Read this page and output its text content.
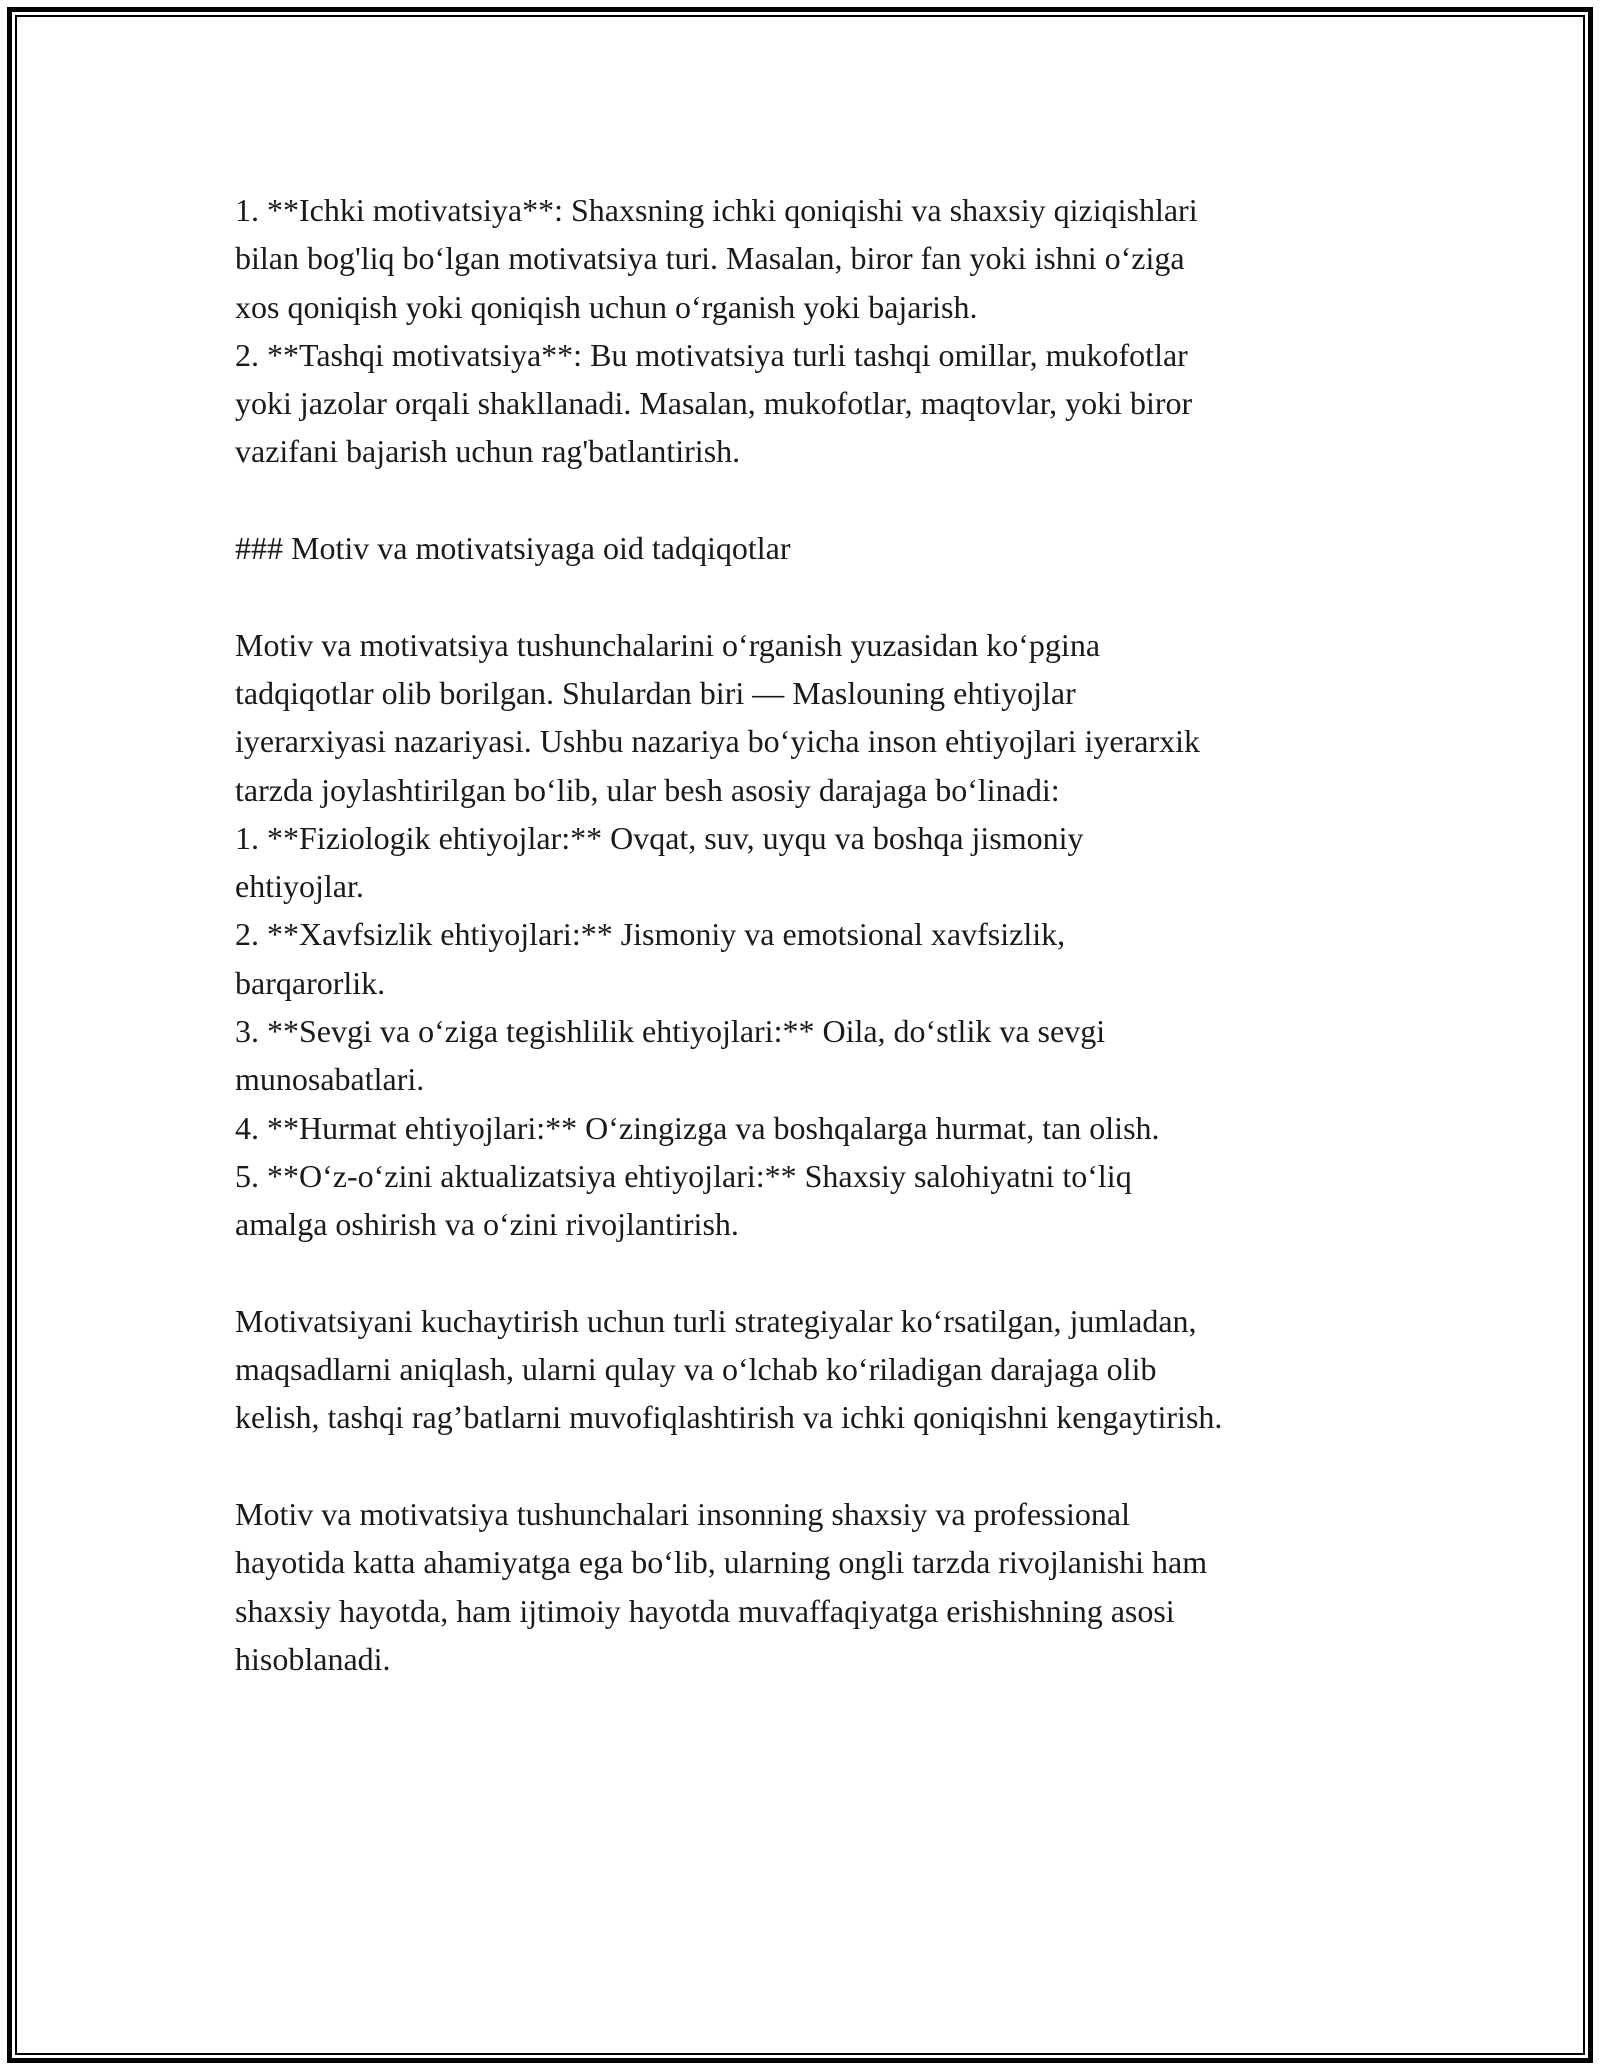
1. **Ichki motivatsiya**: Shaxsning ichki qoniqishi va shaxsiy qiziqishlari
bilan bog'liq bo‘lgan motivatsiya turi. Masalan, biror fan yoki ishni o‘ziga
xos qoniqish yoki qoniqish uchun o‘rganish yoki bajarish.
2. **Tashqi motivatsiya**: Bu motivatsiya turli tashqi omillar, mukofotlar
yoki jazolar orqali shakllanadi. Masalan, mukofotlar, maqtovlar, yoki biror
vazifani bajarish uchun rag'batlantirish.
### Motiv va motivatsiyaga oid tadqiqotlar
Motiv va motivatsiya tushunchalarini o‘rganish yuzasidan ko‘pgina
tadqiqotlar olib borilgan. Shulardan biri — Maslouning ehtiyojlar
iyerarxiyasi nazariyasi. Ushbu nazariya bo‘yicha inson ehtiyojlari iyerarxik
tarzda joylashtirilgan bo‘lib, ular besh asosiy darajaga bo‘linadi:
1. **Fiziologik ehtiyojlar:** Ovqat, suv, uyqu va boshqa jismoniy
ehtiyojlar.
2. **Xavfsizlik ehtiyojlari:** Jismoniy va emotsional xavfsizlik,
barqarorlik.
3. **Sevgi va o‘ziga tegishlilik ehtiyojlari:** Oila, do‘stlik va sevgi
munosabatlari.
4. **Hurmat ehtiyojlari:** O‘zingizga va boshqalarga hurmat, tan olish.
5. **O‘z-o‘zini aktualizatsiya ehtiyojlari:** Shaxsiy salohiyatni to‘liq
amalga oshirish va o‘zini rivojlantirish.
Motivatsiyani kuchaytirish uchun turli strategiyalar ko‘rsatilgan, jumladan,
maqsadlarni aniqlash, ularni qulay va o‘lchab ko‘riladigan darajaga olib
kelish, tashqi rag’batlarni muvofiqlashtirish va ichki qoniqishni kengaytirish.
Motiv va motivatsiya tushunchalari insonning shaxsiy va professional
hayotida katta ahamiyatga ega bo‘lib, ularning ongli tarzda rivojlanishi ham
shaxsiy hayotda, ham ijtimoiy hayotda muvaffaqiyatga erishishning asosi
hisoblanadi.
